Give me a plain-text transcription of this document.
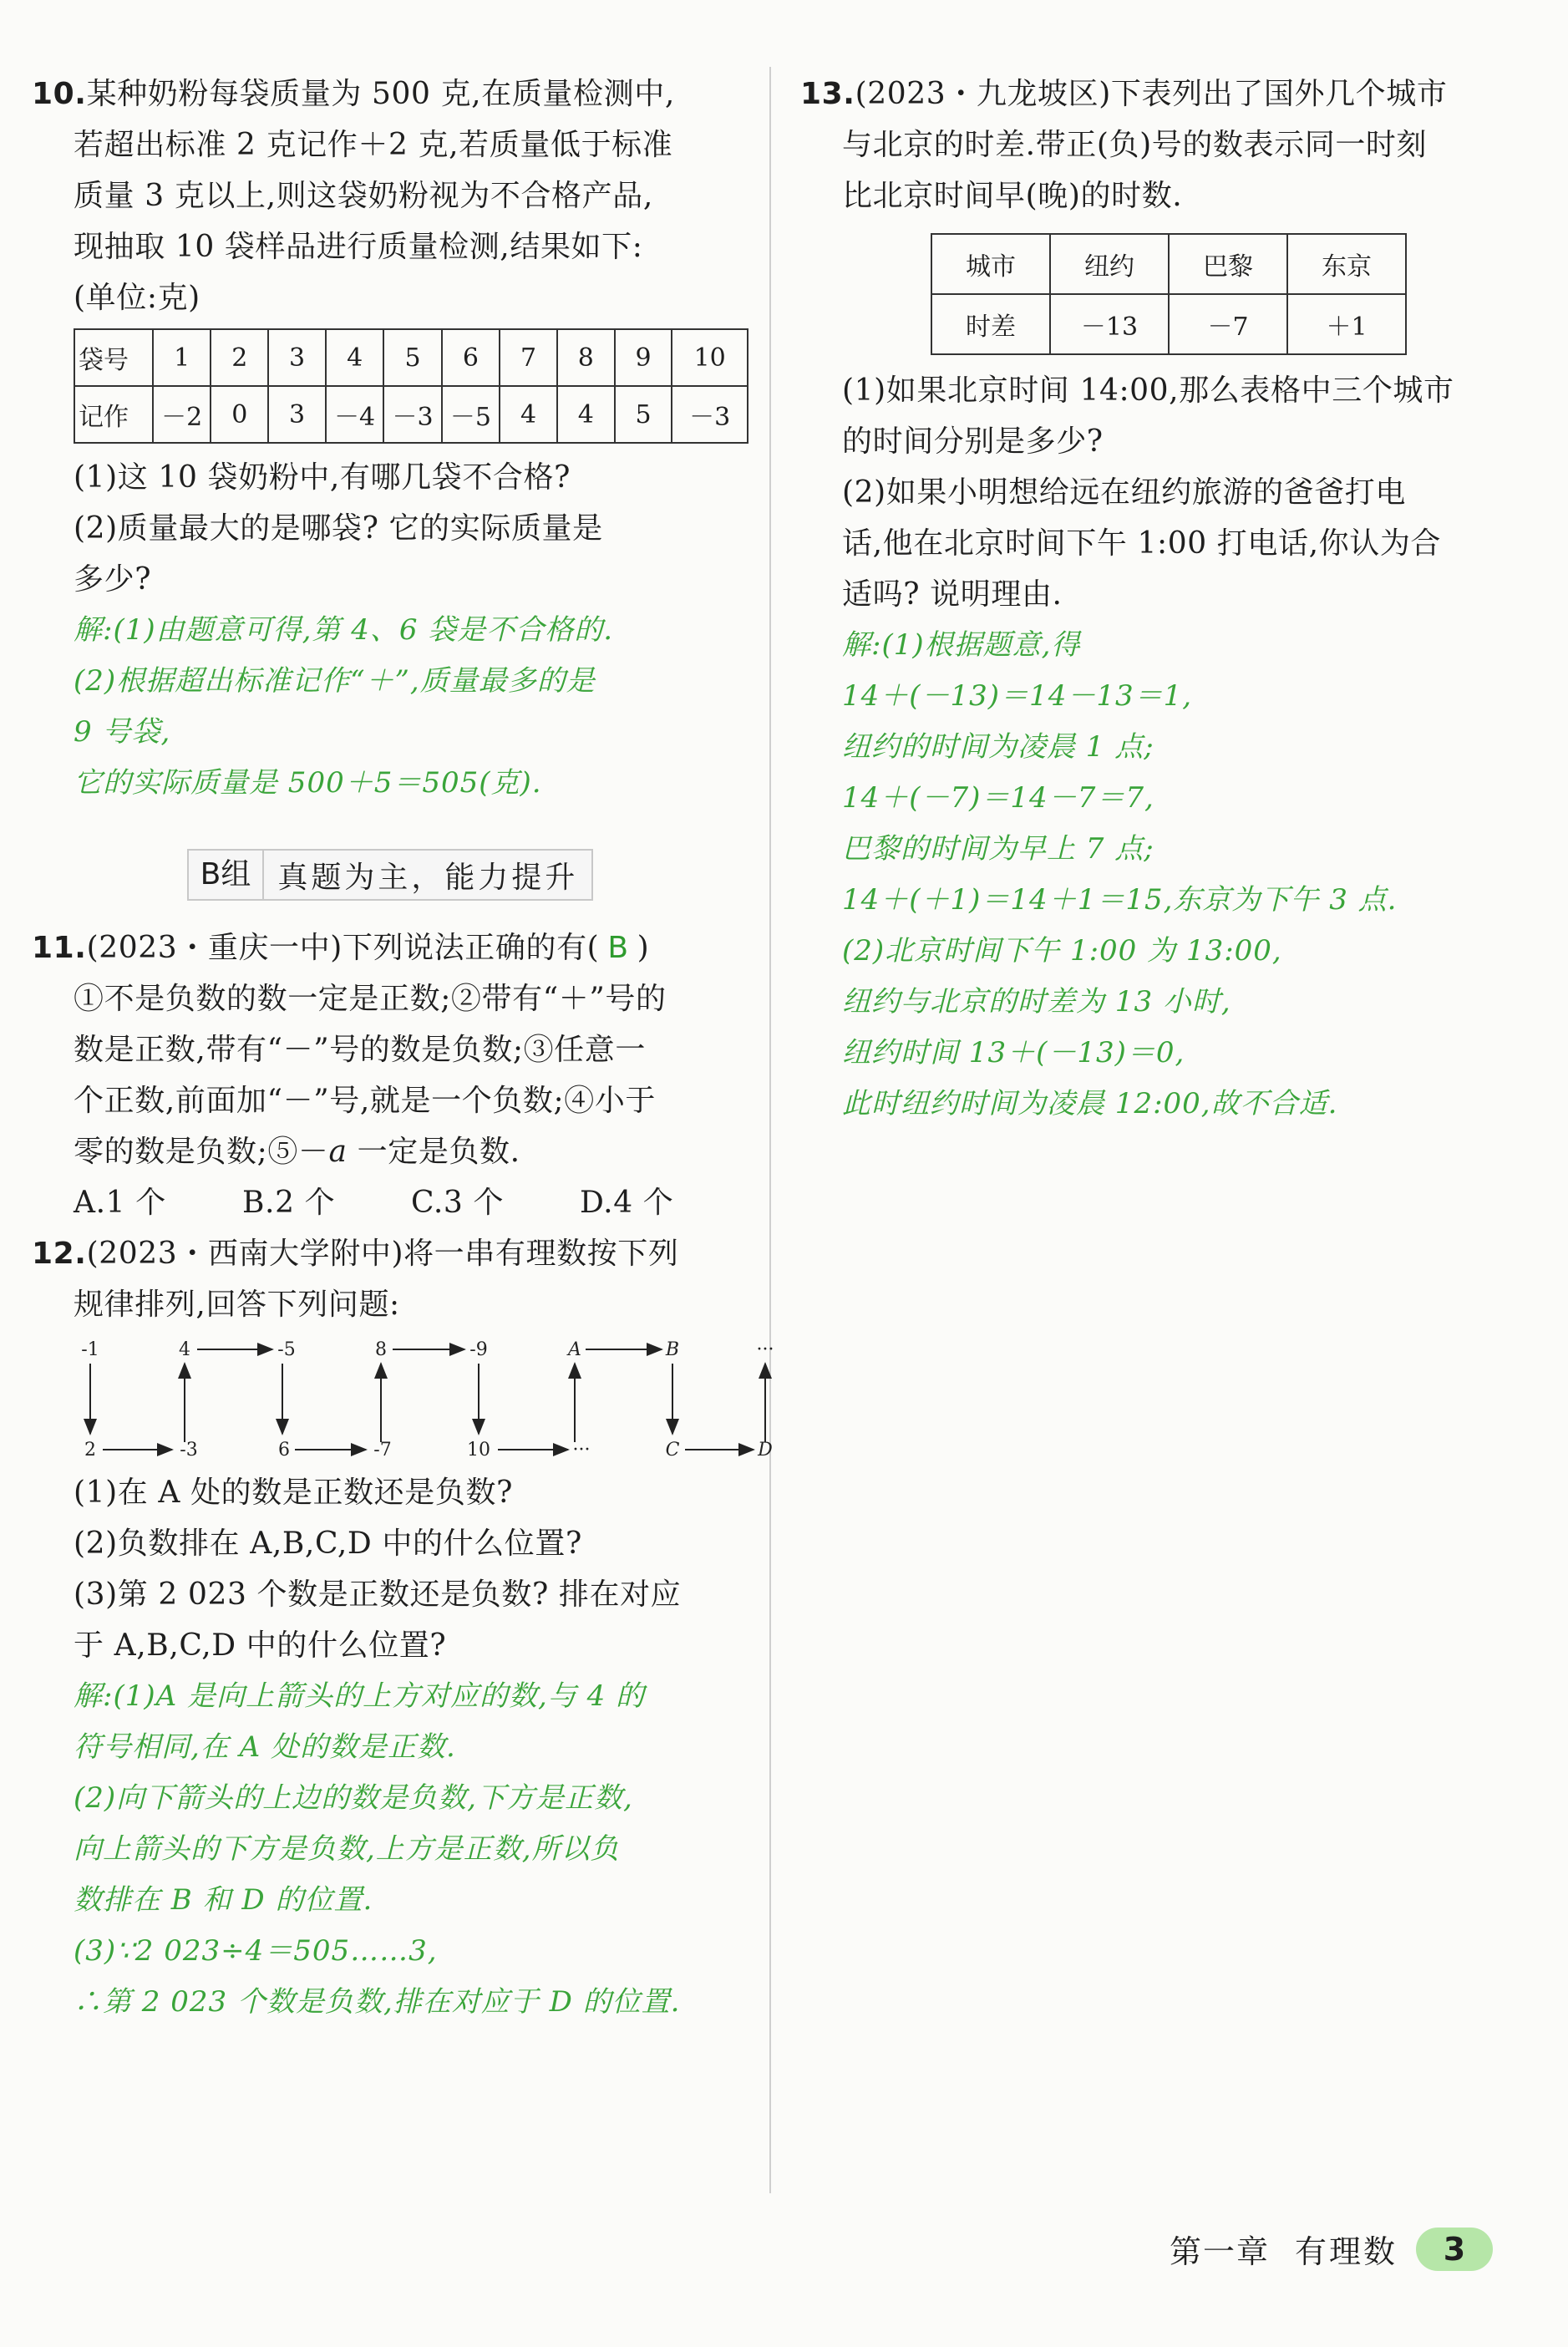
10.某种奶粉每袋质量为 500 克,在质量检测中,
若超出标准 2 克记作＋2 克,若质量低于标准
质量 3 克以上,则这袋奶粉视为不合格产品,
现抽取 10 袋样品进行质量检测,结果如下:
(单位:克)
袋号	1	2	3	4	5	6	7	8	9	10
记作	－2	0	3	－4	－3	－5	4	4	5	－3
(1)这 10 袋奶粉中,有哪几袋不合格?
(2)质量最大的是哪袋? 它的实际质量是
多少?
解:(1)由题意可得,第 4、6 袋是不合格的.
(2)根据超出标准记作“＋”,质量最多的是
9 号袋,
它的实际质量是 500＋5＝505(克).
B组 真题为主，能力提升
11.(2023・重庆一中)下列说法正确的有( B )
①不是负数的数一定是正数;②带有“＋”号的
数是正数,带有“－”号的数是负数;③任意一
个正数,前面加“－”号,就是一个负数;④小于
零的数是负数;⑤－a 一定是负数.
A.1 个	B.2 个	C.3 个	D.4 个
12.(2023・西南大学附中)将一串有理数按下列
规律排列,回答下列问题:
-1	4	-5	8	-9	A	B	···
2	-3	6	-7	10	···	C	D
(1)在 A 处的数是正数还是负数?
(2)负数排在 A,B,C,D 中的什么位置?
(3)第 2 023 个数是正数还是负数? 排在对应
于 A,B,C,D 中的什么位置?
解:(1)A 是向上箭头的上方对应的数,与 4 的
符号相同,在 A 处的数是正数.
(2)向下箭头的上边的数是负数,下方是正数,
向上箭头的下方是负数,上方是正数,所以负
数排在 B 和 D 的位置.
(3)∵2 023÷4＝505……3,
∴第 2 023 个数是负数,排在对应于 D 的位置.
13.(2023・九龙坡区)下表列出了国外几个城市
与北京的时差.带正(负)号的数表示同一时刻
比北京时间早(晚)的时数.
城市	纽约	巴黎	东京
时差	－13	－7	＋1
(1)如果北京时间 14:00,那么表格中三个城市
的时间分别是多少?
(2)如果小明想给远在纽约旅游的爸爸打电
话,他在北京时间下午 1:00 打电话,你认为合
适吗? 说明理由.
解:(1)根据题意,得
14＋(－13)＝14－13＝1,
纽约的时间为凌晨 1 点;
14＋(－7)＝14－7＝7,
巴黎的时间为早上 7 点;
14＋(＋1)＝14＋1＝15,东京为下午 3 点.
(2)北京时间下午 1:00 为 13:00,
纽约与北京的时差为 13 小时,
纽约时间 13＋(－13)＝0,
此时纽约时间为凌晨 12:00,故不合适.
第一章 有理数	3
